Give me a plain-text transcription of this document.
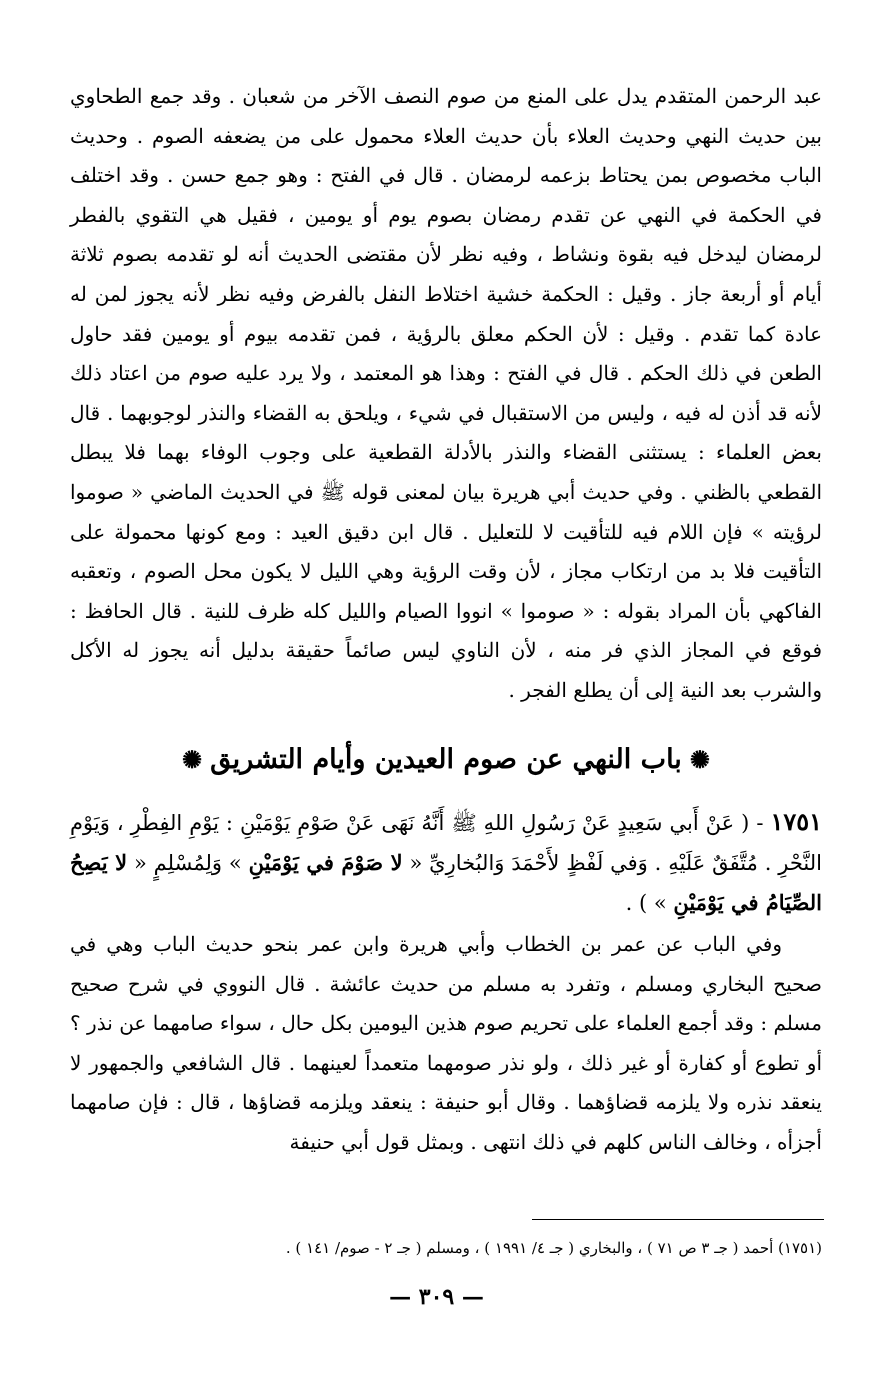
عبد الرحمن المتقدم يدل على المنع من صوم النصف الآخر من شعبان . وقد جمع الطحاوي بين حديث النهي وحديث العلاء بأن حديث العلاء محمول على من يضعفه الصوم . وحديث الباب مخصوص بمن يحتاط بزعمه لرمضان . قال في الفتح : وهو جمع حسن . وقد اختلف في الحكمة في النهي عن تقدم رمضان بصوم يوم أو يومين ، فقيل هي التقوي بالفطر لرمضان ليدخل فيه بقوة ونشاط ، وفيه نظر لأن مقتضى الحديث أنه لو تقدمه بصوم ثلاثة أيام أو أربعة جاز . وقيل : الحكمة خشية اختلاط النفل بالفرض وفيه نظر لأنه يجوز لمن له عادة كما تقدم . وقيل : لأن الحكم معلق بالرؤية ، فمن تقدمه بيوم أو يومين فقد حاول الطعن في ذلك الحكم . قال في الفتح : وهذا هو المعتمد ، ولا يرد عليه صوم من اعتاد ذلك لأنه قد أذن له فيه ، وليس من الاستقبال في شيء ، ويلحق به القضاء والنذر لوجوبهما . قال بعض العلماء : يستثنى القضاء والنذر بالأدلة القطعية على وجوب الوفاء بهما فلا يبطل القطعي بالظني . وفي حديث أبي هريرة بيان لمعنى قوله ﷺ في الحديث الماضي « صوموا لرؤيته » فإن اللام فيه للتأقيت لا للتعليل . قال ابن دقيق العيد : ومع كونها محمولة على التأقيت فلا بد من ارتكاب مجاز ، لأن وقت الرؤية وهي الليل لا يكون محل الصوم ، وتعقبه الفاكهي بأن المراد بقوله : « صوموا » انووا الصيام والليل كله ظرف للنية . قال الحافظ : فوقع في المجاز الذي فر منه ، لأن الناوي ليس صائماً حقيقة بدليل أنه يجوز له الأكل والشرب بعد النية إلى أن يطلع الفجر .

✺باب النهي عن صوم العيدين وأيام التشريق✺

١٧٥١ - ( عَنْ أَبي سَعِيدٍ عَنْ رَسُولِ اللهِ ﷺ أَنَّهُ نَهَى عَنْ صَوْمِ يَوْمَيْنِ : يَوْمِ الفِطْرِ ، وَيَوْمِ النَّحْرِ . مُتَّفَقٌ عَلَيْهِ . وَفي لَفْظٍ لأَحْمَدَ وَالبُخارِيِّ « لا صَوْمَ في يَوْمَيْنِ » وَلِمُسْلِمٍ « لا يَصِحُ الصِّيَامُ في يَوْمَيْنِ » ) .

وفي الباب عن عمر بن الخطاب وأبي هريرة وابن عمر بنحو حديث الباب وهي في صحيح البخاري ومسلم ، وتفرد به مسلم من حديث عائشة . قال النووي في شرح صحيح مسلم : وقد أجمع العلماء على تحريم صوم هذين اليومين بكل حال ، سواء صامهما عن نذر ؟ أو تطوع أو كفارة أو غير ذلك ، ولو نذر صومهما متعمداً لعينهما . قال الشافعي والجمهور لا ينعقد نذره ولا يلزمه قضاؤهما . وقال أبو حنيفة : ينعقد ويلزمه قضاؤها ، قال : فإن صامهما أجزأه ، وخالف الناس كلهم في ذلك انتهى . وبمثل قول أبي حنيفة

(١٧٥١) أحمد ( جـ ٣ ص ٧١ ) ، والبخاري ( جـ ٤/ ١٩٩١ ) ، ومسلم ( جـ ٢ - صوم/ ١٤١ ) .
— ٣٠٩ —
